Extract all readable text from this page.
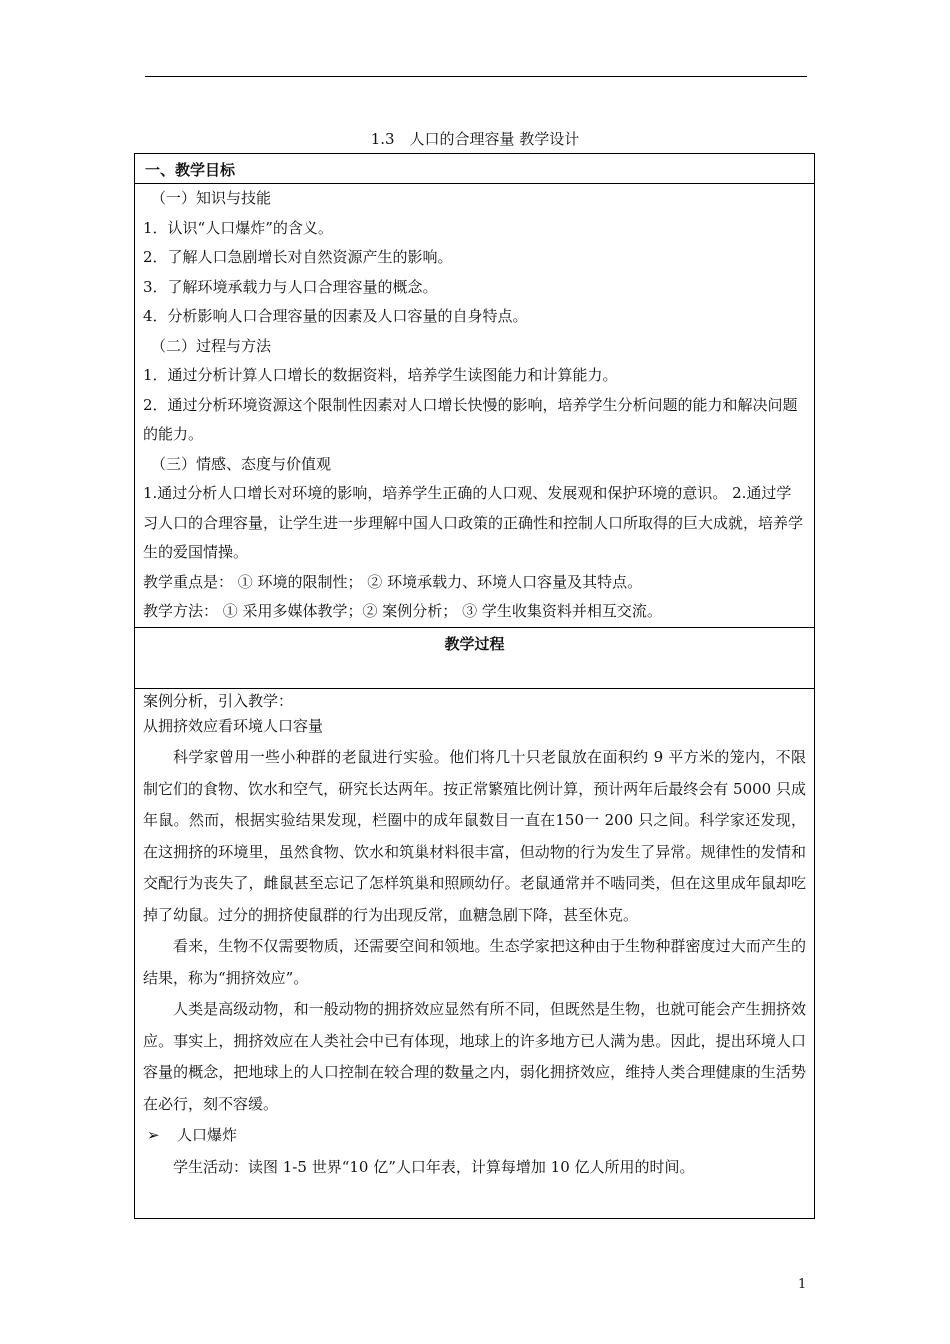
1.3　人口的合理容量 教学设计
一、教学目标

（一）知识与技能

1．认识“人口爆炸”的含义。

2．了解人口急剧增长对自然资源产生的影响。

3．了解环境承载力与人口合理容量的概念。

4．分析影响人口合理容量的因素及人口容量的自身特点。

（二）过程与方法

1．通过分析计算人口增长的数据资料，培养学生读图能力和计算能力。

2．通过分析环境资源这个限制性因素对人口增长快慢的影响，培养学生分析问题的能力和解决问题的能力。

（三）情感、态度与价值观

1.通过分析人口增长对环境的影响，培养学生正确的人口观、发展观和保护环境的意识。 2.通过学习人口的合理容量，让学生进一步理解中国人口政策的正确性和控制人口所取得的巨大成就，培养学生的爱国情操。

教学重点是： ① 环境的限制性； ② 环境承载力、环境人口容量及其特点。

教学方法： ① 采用多媒体教学；② 案例分析； ③ 学生收集资料并相互交流。

教学过程

案例分析，引入教学：

从拥挤效应看环境人口容量

科学家曾用一些小种群的老鼠进行实验。他们将几十只老鼠放在面积约 9 平方米的笼内，不限制它们的食物、饮水和空气，研究长达两年。按正常繁殖比例计算，预计两年后最终会有 5000 只成年鼠。然而，根据实验结果发现，栏圈中的成年鼠数目一直在150一 200 只之间。科学家还发现，在这拥挤的环境里，虽然食物、饮水和筑巢材料很丰富，但动物的行为发生了异常。规律性的发情和交配行为丧失了，雌鼠甚至忘记了怎样筑巢和照顾幼仔。老鼠通常并不啮同类，但在这里成年鼠却吃掉了幼鼠。过分的拥挤使鼠群的行为出现反常，血糖急剧下降，甚至休克。

看来，生物不仅需要物质，还需要空间和领地。生态学家把这种由于生物种群密度过大而产生的结果，称为“拥挤效应”。

人类是高级动物，和一般动物的拥挤效应显然有所不同，但既然是生物，也就可能会产生拥挤效应。事实上，拥挤效应在人类社会中已有体现，地球上的许多地方已人满为患。因此，提出环境人口容量的概念，把地球上的人口控制在较合理的数量之内，弱化拥挤效应，维持人类合理健康的生活势在必行，刻不容缓。

➢ 人口爆炸

学生活动：读图 1-5 世界“10 亿”人口年表，计算每增加 10 亿人所用的时间。

1
